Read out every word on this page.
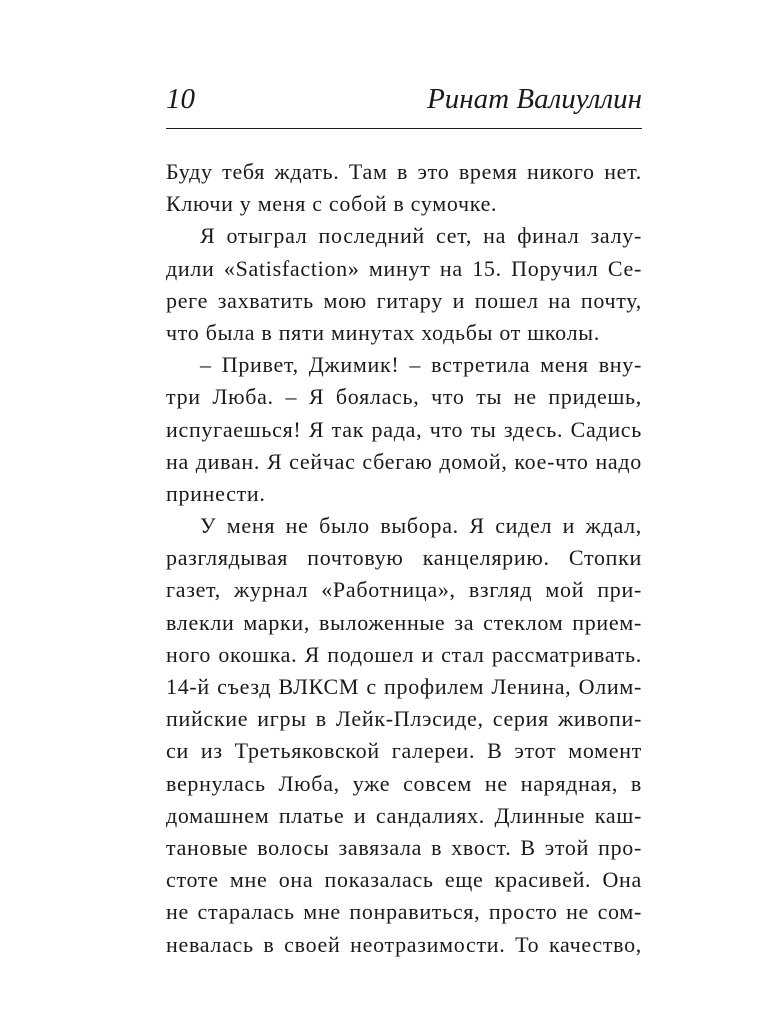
10	Ринат Валиуллин
Буду тебя ждать. Там в это время никого нет.
Ключи у меня с собой в сумочке.
Я отыграл последний сет, на финал залу-
дили «Satisfaction» минут на 15. Поручил Се-
реге захватить мою гитару и пошел на почту,
что была в пяти минутах ходьбы от школы.
– Привет, Джимик! – встретила меня вну-
три Люба. – Я боялась, что ты не придешь,
испугаешься! Я так рада, что ты здесь. Садись
на диван. Я сейчас сбегаю домой, кое-что надо
принести.
У меня не было выбора. Я сидел и ждал,
разглядывая почтовую канцелярию. Стопки
газет, журнал «Работница», взгляд мой при-
влекли марки, выложенные за стеклом прием-
ного окошка. Я подошел и стал рассматривать.
14-й съезд ВЛКСМ с профилем Ленина, Олим-
пийские игры в Лейк-Плэсиде, серия живопи-
си из Третьяковской галереи. В этот момент
вернулась Люба, уже совсем не нарядная, в
домашнем платье и сандалиях. Длинные каш-
тановые волосы завязала в хвост. В этой про-
стоте мне она показалась еще красивей. Она
не старалась мне понравиться, просто не сом-
невалась в своей неотразимости. То качество,
